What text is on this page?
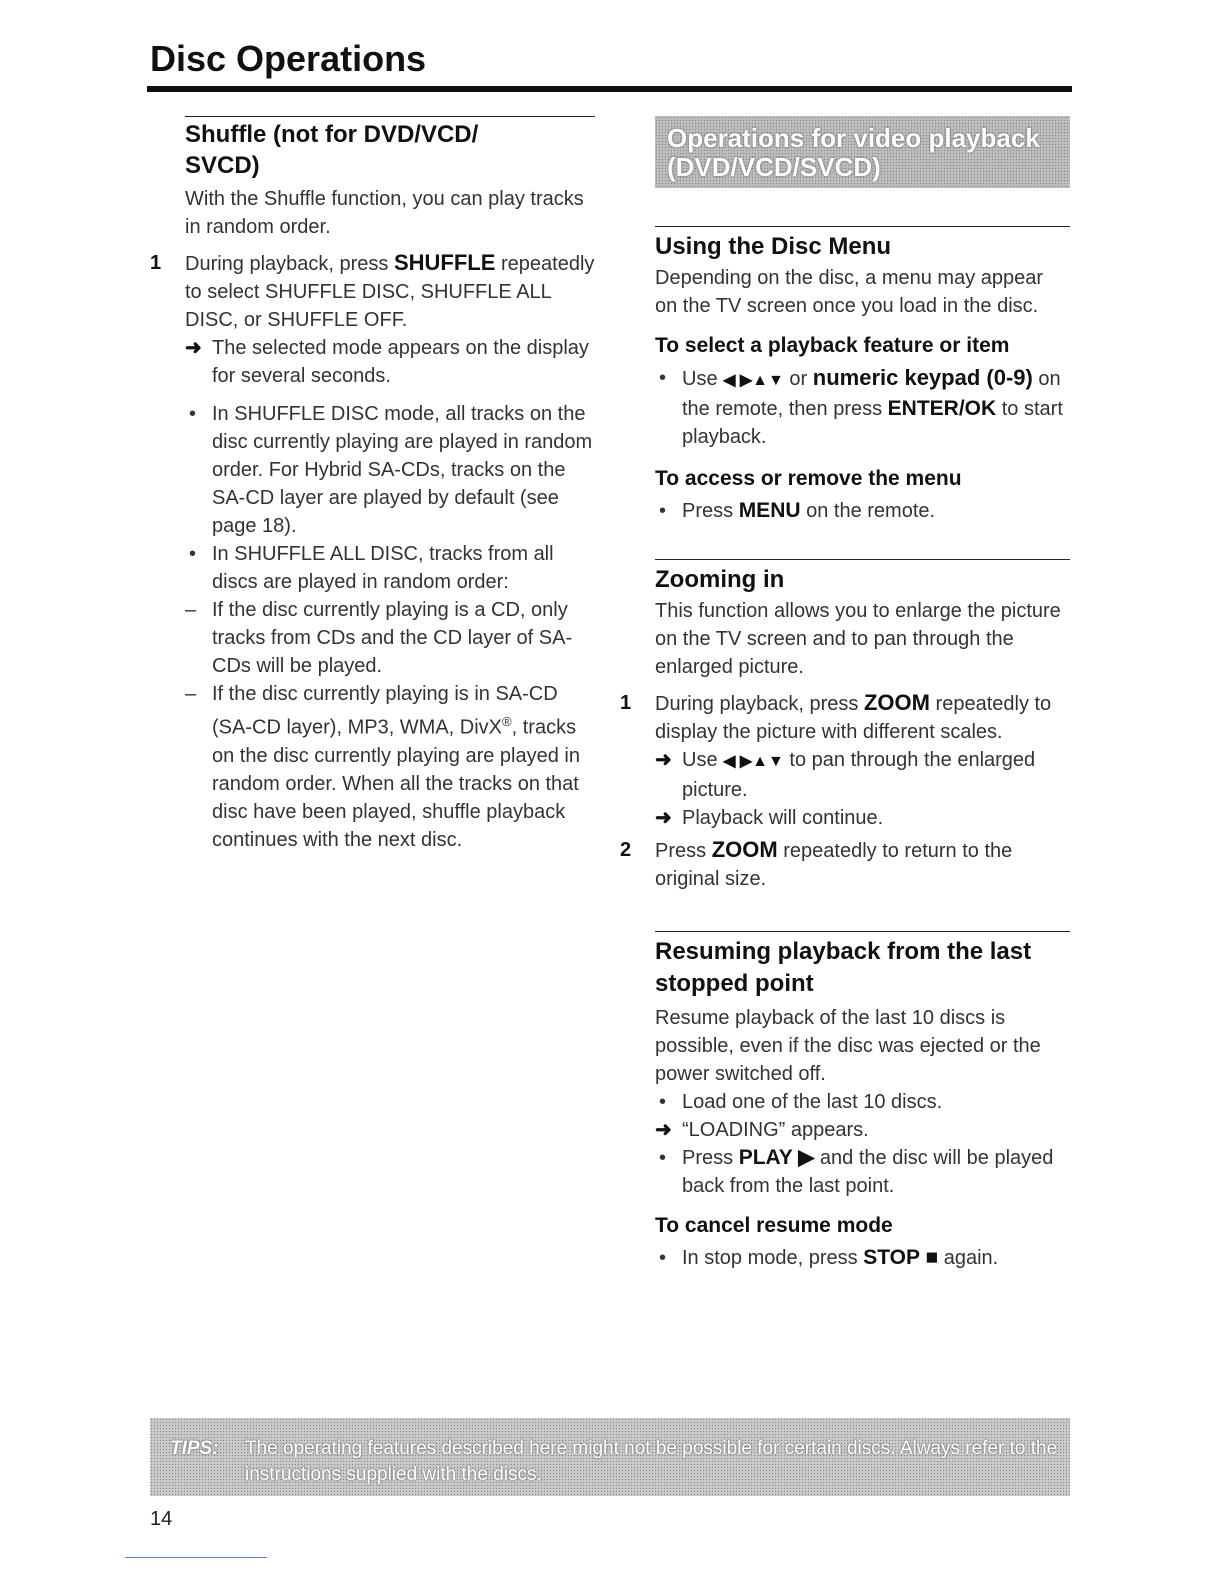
Disc Operations
Shuffle (not for DVD/VCD/
SVCD)

With the Shuffle function, you can play tracks in random order.

1 During playback, press SHUFFLE repeatedly to select SHUFFLE DISC, SHUFFLE ALL DISC, or SHUFFLE OFF.
➜ The selected mode appears on the display for several seconds.
• In SHUFFLE DISC mode, all tracks on the disc currently playing are played in random order. For Hybrid SA-CDs, tracks on the SA-CD layer are played by default (see page 18).
• In SHUFFLE ALL DISC, tracks from all discs are played in random order:
– If the disc currently playing is a CD, only tracks from CDs and the CD layer of SA-CDs will be played.
– If the disc currently playing is in SA-CD (SA-CD layer), MP3, WMA, DivX®, tracks on the disc currently playing are played in random order. When all the tracks on that disc have been played, shuffle playback continues with the next disc.
Operations for video playback
(DVD/VCD/SVCD)
Using the Disc Menu

Depending on the disc, a menu may appear on the TV screen once you load in the disc.

To select a playback feature or item
• Use ◀ ▶▲▼ or numeric keypad (0-9) on the remote, then press ENTER/OK to start playback.
To access or remove the menu
• Press MENU on the remote.
Zooming in

This function allows you to enlarge the picture on the TV screen and to pan through the enlarged picture.

1 During playback, press ZOOM repeatedly to display the picture with different scales.
➜ Use ◀ ▶▲▼ to pan through the enlarged picture.
➜ Playback will continue.
2 Press ZOOM repeatedly to return to the original size.
Resuming playback from the last stopped point

Resume playback of the last 10 discs is possible, even if the disc was ejected or the power switched off.

• Load one of the last 10 discs.
➜ “LOADING” appears.
• Press PLAY ▶ and the disc will be played back from the last point.
To cancel resume mode
• In stop mode, press STOP ■ again.
TIPS: The operating features described here might not be possible for certain discs. Always refer to the instructions supplied with the discs.
14
